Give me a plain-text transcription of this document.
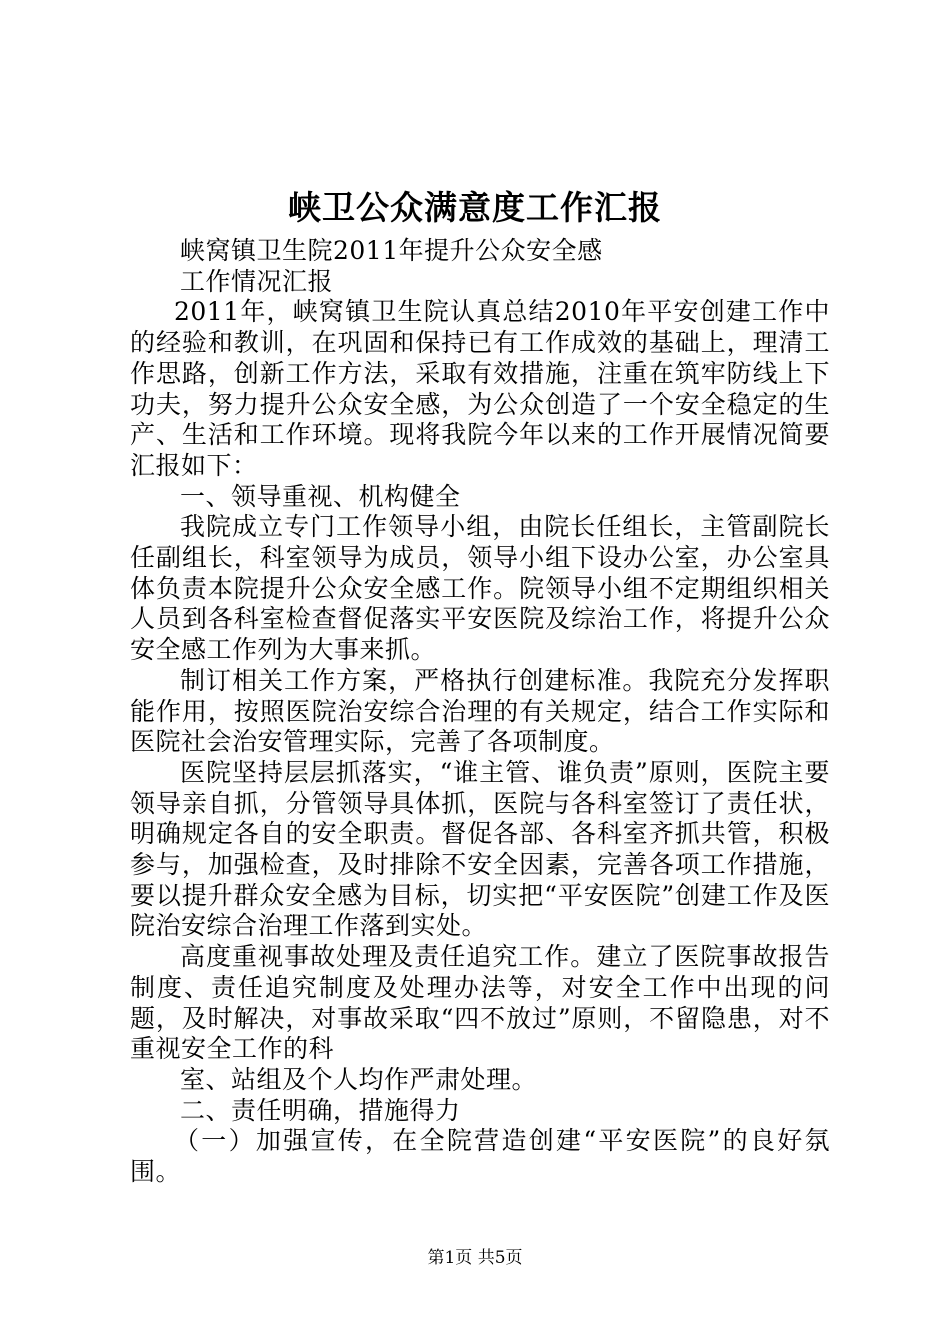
峡卫公众满意度工作汇报

峡窝镇卫生院2011年提升公众安全感

工作情况汇报

2011年，峡窝镇卫生院认真总结2010年平安创建工作中的经验和教训，在巩固和保持已有工作成效的基础上，理清工作思路，创新工作方法，采取有效措施，注重在筑牢防线上下功夫，努力提升公众安全感，为公众创造了一个安全稳定的生产、生活和工作环境。现将我院今年以来的工作开展情况简要汇报如下：

一、领导重视、机构健全

我院成立专门工作领导小组，由院长任组长，主管副院长任副组长，科室领导为成员，领导小组下设办公室，办公室具体负责本院提升公众安全感工作。院领导小组不定期组织相关人员到各科室检查督促落实平安医院及综治工作，将提升公众安全感工作列为大事来抓。

制订相关工作方案，严格执行创建标准。我院充分发挥职能作用，按照医院治安综合治理的有关规定，结合工作实际和医院社会治安管理实际，完善了各项制度。

医院坚持层层抓落实，“谁主管、谁负责”原则，医院主要领导亲自抓，分管领导具体抓，医院与各科室签订了责任状，明确规定各自的安全职责。督促各部、各科室齐抓共管，积极参与，加强检查，及时排除不安全因素，完善各项工作措施，要以提升群众安全感为目标，切实把“平安医院”创建工作及医院治安综合治理工作落到实处。

高度重视事故处理及责任追究工作。建立了医院事故报告制度、责任追究制度及处理办法等，对安全工作中出现的问题，及时解决，对事故采取“四不放过”原则，不留隐患，对不重视安全工作的科

室、站组及个人均作严肃处理。

二、责任明确，措施得力

（一）加强宣传，在全院营造创建“平安医院”的良好氛围。

第1页 共5页
